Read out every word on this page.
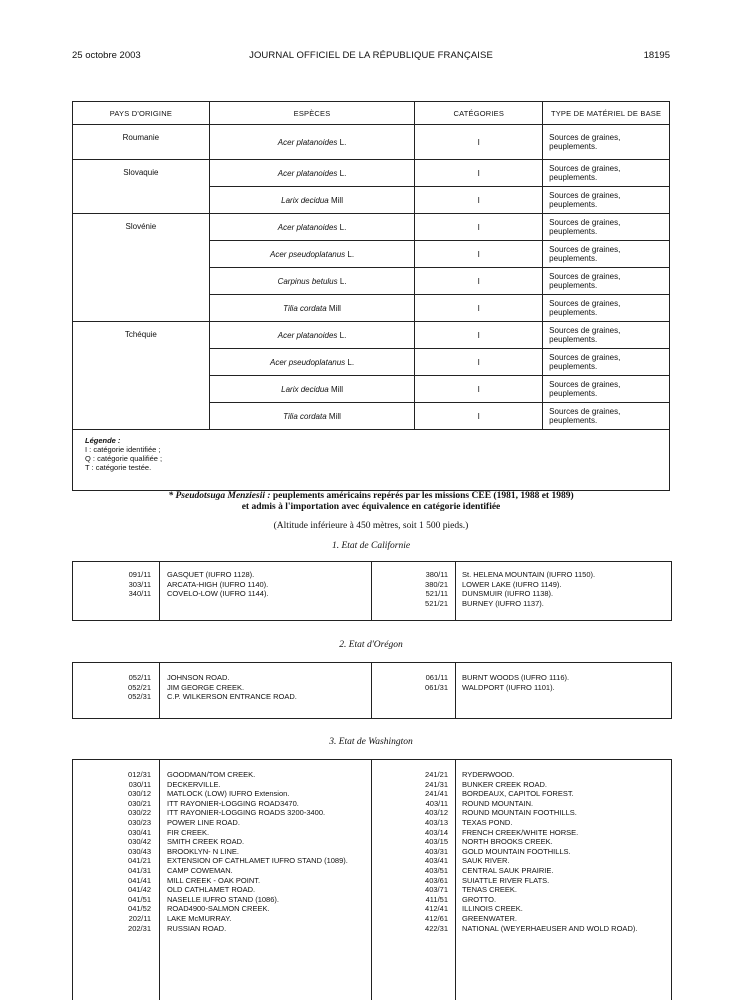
25 octobre 2003	JOURNAL OFFICIEL DE LA RÉPUBLIQUE FRANÇAISE	18195
PAYS D'ORIGINE	ESPÈCES	CATÉGORIES	TYPE DE MATÉRIEL DE BASE
Roumanie	Acer platanoides L.	I	Sources de graines, peuplements.
Slovaquie	Acer platanoides L.	I	Sources de graines, peuplements.
	Larix decidua Mill	I	Sources de graines, peuplements.
Slovénie	Acer platanoides L.	I	Sources de graines, peuplements.
	Acer pseudoplatanus L.	I	Sources de graines, peuplements.
	Carpinus betulus L.	I	Sources de graines, peuplements.
	Tilia cordata Mill	I	Sources de graines, peuplements.
Tchéquie	Acer platanoides L.	I	Sources de graines, peuplements.
	Acer pseudoplatanus L.	I	Sources de graines, peuplements.
	Larix decidua Mill	I	Sources de graines, peuplements.
	Tilia cordata Mill	I	Sources de graines, peuplements.

Légende :
I : catégorie identifiée ;
Q : catégorie qualifiée ;
T : catégorie testée.			
* Pseudotsuga Menziesii : peuplements américains repérés par les missions CEE (1981, 1988 et 1989)
et admis à l'importation avec équivalence en catégorie identifiée
(Altitude inférieure à 450 mètres, soit 1 500 pieds.)
1. Etat de Californie
091/11 GASQUET (IUFRO 1128).
303/11 ARCATA-HIGH (IUFRO 1140).
340/11 COVELO-LOW (IUFRO 1144).
380/11 St. HELENA MOUNTAIN (IUFRO 1150).
380/21 LOWER LAKE (IUFRO 1149).
521/11 DUNSMUIR (IUFRO 1138).
521/21 BURNEY (IUFRO 1137).
2. Etat d'Orégon
052/11 JOHNSON ROAD.
052/21 JIM GEORGE CREEK.
052/31 C.P. WILKERSON ENTRANCE ROAD.
061/11 BURNT WOODS (IUFRO 1116).
061/31 WALDPORT (IUFRO 1101).
3. Etat de Washington
012/31 GOODMAN/TOM CREEK.
030/11 DECKERVILLE.
030/12 MATLOCK (LOW) IUFRO Extension.
030/21 ITT RAYONIER-LOGGING ROAD3470.
030/22 ITT RAYONIER-LOGGING ROADS 3200-3400.
030/23 POWER LINE ROAD.
030/41 FIR CREEK.
030/42 SMITH CREEK ROAD.
030/43 BROOKLYN- N LINE.
041/21 EXTENSION OF CATHLAMET IUFRO STAND (1089).
041/31 CAMP COWEMAN.
041/41 MILL CREEK - OAK POINT.
041/42 OLD CATHLAMET ROAD.
041/51 NASELLE IUFRO STAND (1086).
041/52 ROAD4900-SALMON CREEK.
202/11 LAKE McMURRAY.
202/31 RUSSIAN ROAD.
241/21 RYDERWOOD.
241/31 BUNKER CREEK ROAD.
241/41 BORDEAUX, CAPITOL FOREST.
403/11 ROUND MOUNTAIN.
403/12 ROUND MOUNTAIN FOOTHILLS.
403/13 TEXAS POND.
403/14 FRENCH CREEK/WHITE HORSE.
403/15 NORTH BROOKS CREEK.
403/31 GOLD MOUNTAIN FOOTHILLS.
403/41 SAUK RIVER.
403/51 CENTRAL SAUK PRAIRIE.
403/61 SUIATTLE RIVER FLATS.
403/71 TENAS CREEK.
411/51 GROTTO.
412/41 ILLINOIS CREEK.
412/61 GREENWATER.
422/31 NATIONAL (WEYERHAEUSER AND WOLD ROAD).
